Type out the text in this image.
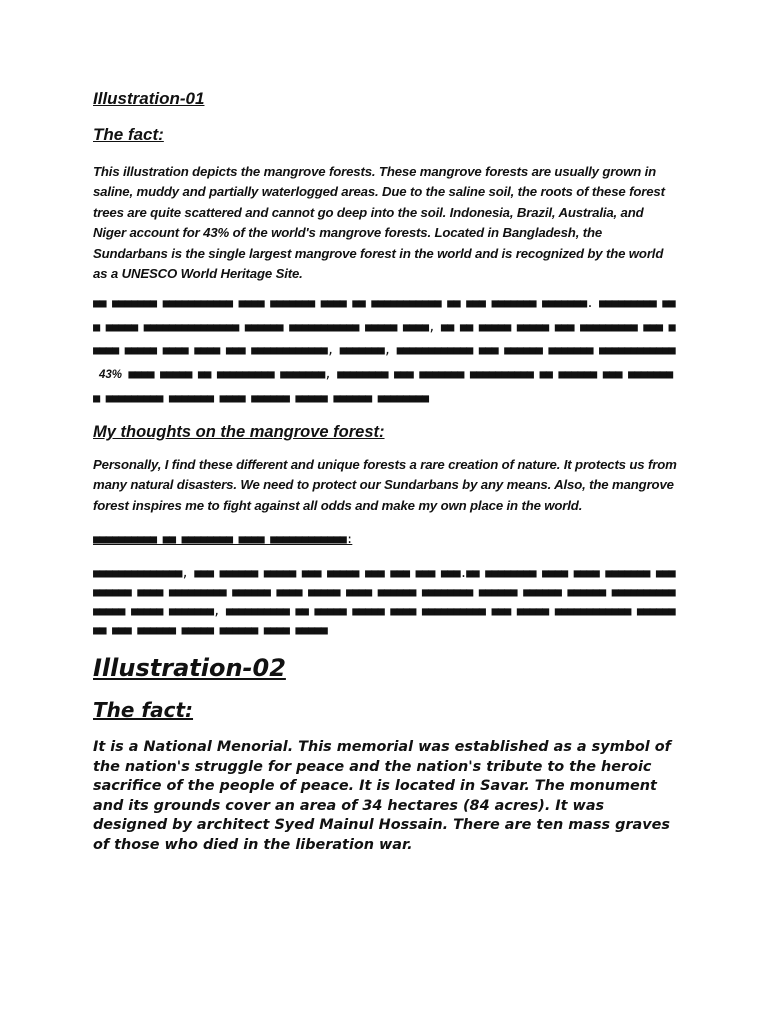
Illustration-01
The fact:

This illustration depicts the mangrove forests. These mangrove forests are usually grown in saline, muddy and partially waterlogged areas. Due to the saline soil, the roots of these forest trees are quite scattered and cannot go deep into the soil. Indonesia, Brazil, Australia, and Niger account for 43% of the world's mangrove forests. Located in Bangladesh, the Sundarbans is the single largest mangrove forest in the world and is recognized by the world as a UNESCO World Heritage Site.

■■ ■■■■■■■ ■■■■■■■■■■■ ■■■■ ■■■■■■■ ■■■■ ■■ ■■■■■■■■■■■ ■■ ■■■ ■■■■■■■ ■■■■■■■. ■■■■■■■■■ ■■■ ■■■■■ ■■■■■■■■■■■■■■■ ■■■■■■ ■■■■■■■■■■■ ■■■■■ ■■■■, ■■ ■■ ■■■■■ ■■■■■ ■■■ ■■■■■■■■■ ■■■ ■■■■■ ■■■■■ ■■■■ ■■■■ ■■■ ■■■■■■■■■■■■, ■■■■■■■, ■■■■■■■■■■■■ ■■■ ■■■■■■ ■■■■■■■ ■■■■■■■■■■■■43% ■■■■ ■■■■■ ■■ ■■■■■■■■■ ■■■■■■■, ■■■■■■■■ ■■■ ■■■■■■■ ■■■■■■■■■■ ■■ ■■■■■■ ■■■ ■■■■■■■■ ■■■■■■■■■ ■■■■■■■ ■■■■ ■■■■■■ ■■■■■ ■■■■■■ ■■■■■■■■

My thoughts on the mangrove forest:

Personally, I find these different and unique forests a rare creation of nature. It protects us from many natural disasters. We need to protect our Sundarbans by any means. Also, the mangrove forest inspires me to fight against all odds and make my own place in the world.

■■■■■■■■■■ ■■ ■■■■■■■■ ■■■■ ■■■■■■■■■■■■:

■■■■■■■■■■■■■■, ■■■ ■■■■■■ ■■■■■ ■■■ ■■■■■ ■■■ ■■■ ■■■ ■■■.■■ ■■■■■■■■ ■■■■ ■■■■ ■■■■■■■ ■■■ ■■■■■■ ■■■■ ■■■■■■■■■ ■■■■■■ ■■■■ ■■■■■ ■■■■ ■■■■■■ ■■■■■■■■ ■■■■■■ ■■■■■■ ■■■■■■ ■■■■■■■■■■ ■■■■■ ■■■■■ ■■■■■■■, ■■■■■■■■■■ ■■ ■■■■■ ■■■■■ ■■■■ ■■■■■■■■■■ ■■■ ■■■■■ ■■■■■■■■■■■■ ■■■■■■■■ ■■■ ■■■■■■ ■■■■■ ■■■■■■ ■■■■ ■■■■■

Illustration-02
The fact:

It is a National Menorial. This memorial was established as a symbol of the nation's struggle for peace and the nation's tribute to the heroic sacrifice of the people of peace. It is located in Savar. The monument and its grounds cover an area of 34 hectares (84 acres). It was designed by architect Syed Mainul Hossain. There are ten mass graves of those who died in the liberation war.
